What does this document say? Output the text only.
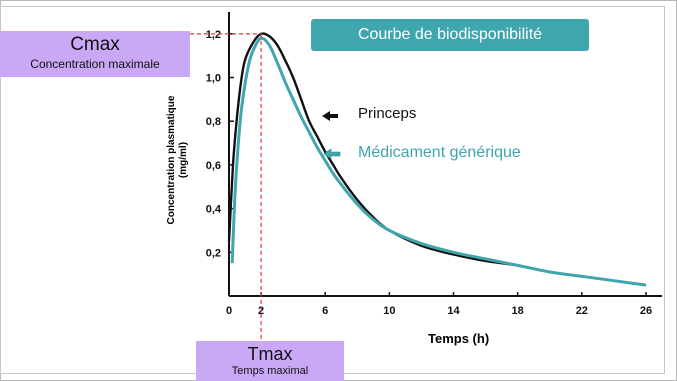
0,2
0,4
0,6
0,8
1,0
1,2
0 2	6	10	14	18	22	26
Cmax
Concentration maximale
Tmax
Temps maximal
Courbe de biodisponibilité
Princeps
Médicament générique
Concentration plasmatique (mg/ml)
Temps (h)
